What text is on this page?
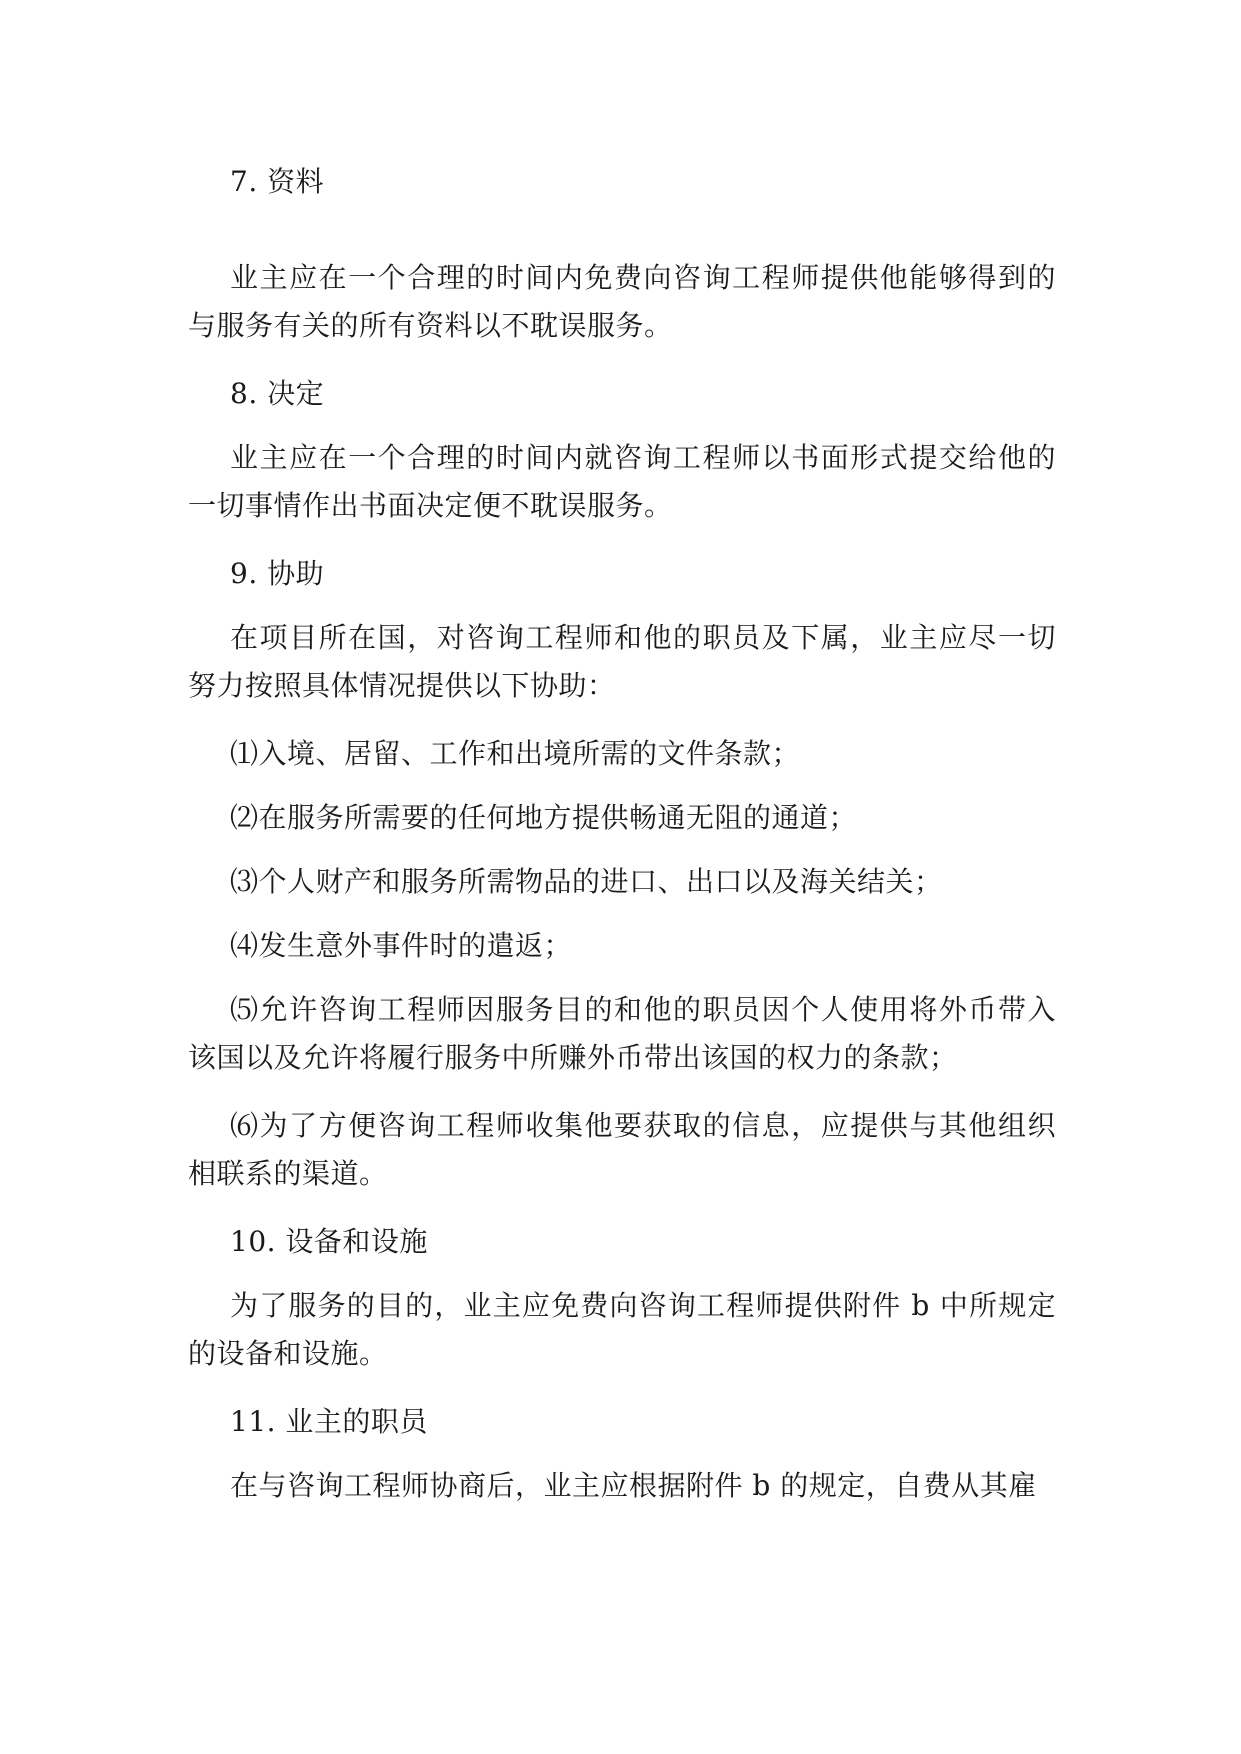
7. 资料

业主应在一个合理的时间内免费向咨询工程师提供他能够得到的与服务有关的所有资料以不耽误服务。

8. 决定

业主应在一个合理的时间内就咨询工程师以书面形式提交给他的一切事情作出书面决定便不耽误服务。

9. 协助

在项目所在国，对咨询工程师和他的职员及下属，业主应尽一切努力按照具体情况提供以下协助：

⑴入境、居留、工作和出境所需的文件条款；

⑵在服务所需要的任何地方提供畅通无阻的通道；

⑶个人财产和服务所需物品的进口、出口以及海关结关；

⑷发生意外事件时的遣返；

⑸允许咨询工程师因服务目的和他的职员因个人使用将外币带入该国以及允许将履行服务中所赚外币带出该国的权力的条款；

⑹为了方便咨询工程师收集他要获取的信息，应提供与其他组织相联系的渠道。

10. 设备和设施

为了服务的目的，业主应免费向咨询工程师提供附件 b 中所规定的设备和设施。

11. 业主的职员

在与咨询工程师协商后，业主应根据附件 b 的规定，自费从其雇
